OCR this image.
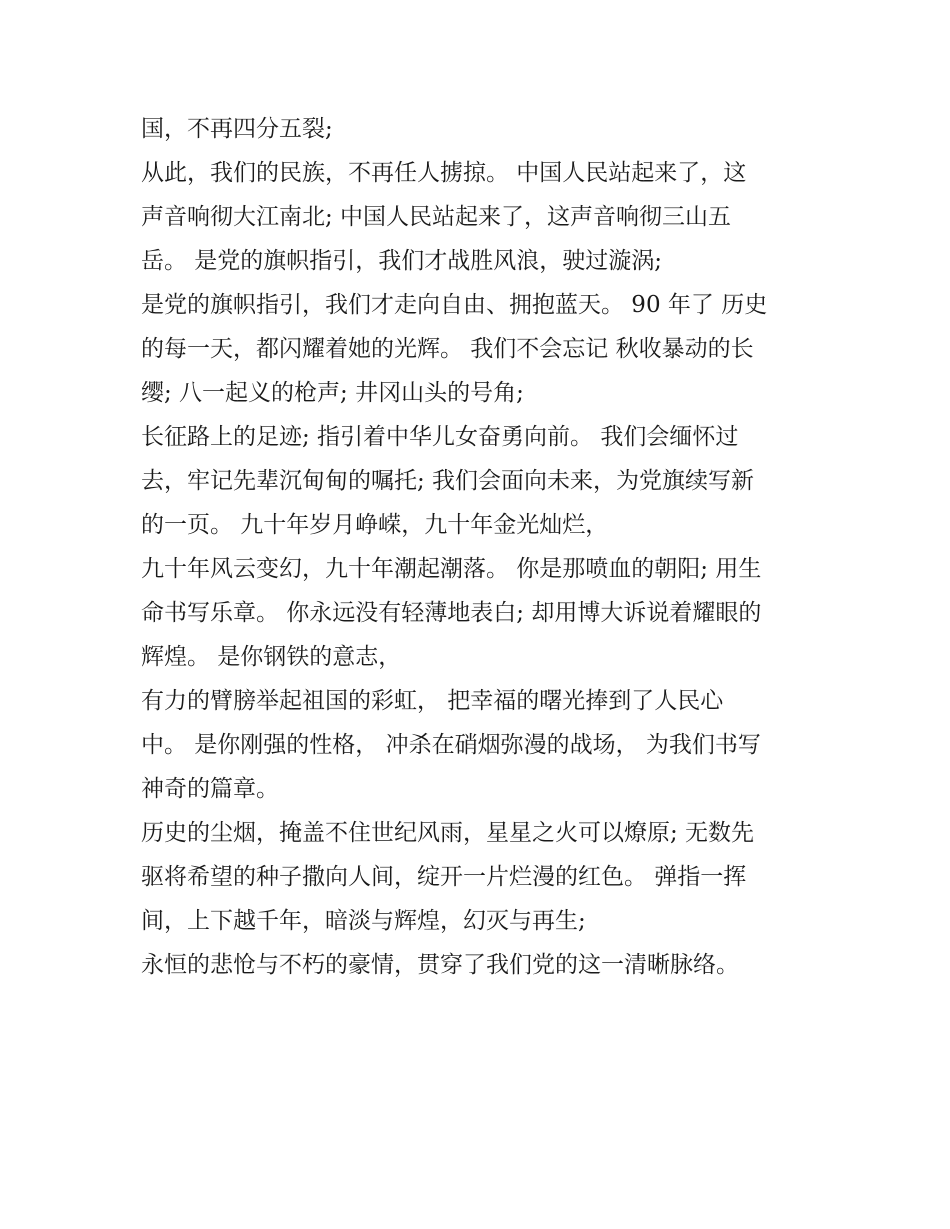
国，不再四分五裂;
从此，我们的民族，不再任人掳掠。 中国人民站起来了，这
声音响彻大江南北; 中国人民站起来了，这声音响彻三山五
岳。 是党的旗帜指引，我们才战胜风浪，驶过漩涡;
是党的旗帜指引，我们才走向自由、拥抱蓝天。 90 年了 历史
的每一天，都闪耀着她的光辉。 我们不会忘记 秋收暴动的长
缨; 八一起义的枪声; 井冈山头的号角;
长征路上的足迹; 指引着中华儿女奋勇向前。 我们会缅怀过
去，牢记先辈沉甸甸的嘱托; 我们会面向未来，为党旗续写新
的一页。 九十年岁月峥嵘，九十年金光灿烂，
九十年风云变幻，九十年潮起潮落。 你是那喷血的朝阳; 用生
命书写乐章。 你永远没有轻薄地表白; 却用博大诉说着耀眼的
辉煌。 是你钢铁的意志，
有力的臂膀举起祖国的彩虹， 把幸福的曙光捧到了人民心
中。 是你刚强的性格， 冲杀在硝烟弥漫的战场， 为我们书写
神奇的篇章。
历史的尘烟，掩盖不住世纪风雨，星星之火可以燎原; 无数先
驱将希望的种子撒向人间，绽开一片烂漫的红色。 弹指一挥
间，上下越千年，暗淡与辉煌，幻灭与再生;
永恒的悲怆与不朽的豪情，贯穿了我们党的这一清晰脉络。
